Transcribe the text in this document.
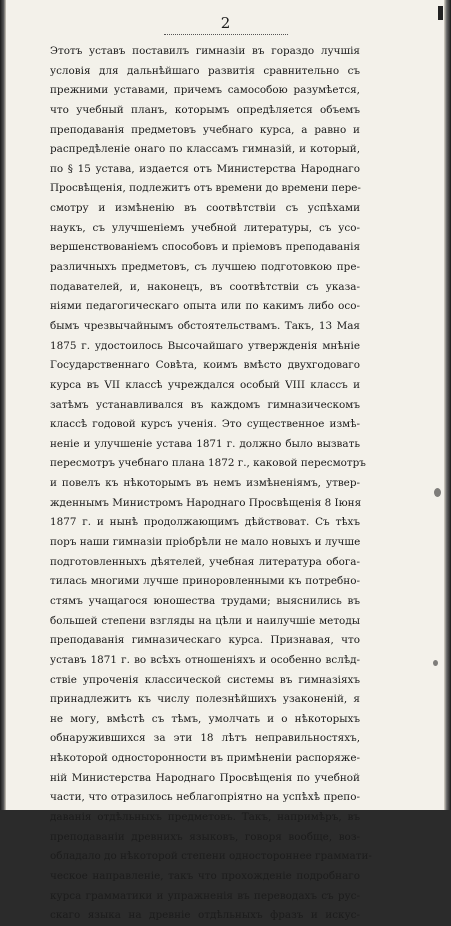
2
Этотъ уставъ поставилъ гимназіи въ гораздо лучшія
условія для дальнѣйшаго развитія сравнительно съ
прежними уставами, причемъ самособою разумѣется,
что учебный планъ, которымъ опредѣляется объемъ
преподаванія предметовъ учебнаго курса, а равно и
распредѣленіе онаго по классамъ гимназій, и который,
по § 15 устава, издается отъ Министерства Народнаго
Просвѣщенія, подлежитъ отъ времени до времени пере-
смотру и измѣненію въ соотвѣтствіи съ успѣхами
наукъ, съ улучшеніемъ учебной литературы, съ усо-
вершенствованіемъ способовъ и пріемовъ преподаванія
различныхъ предметовъ, съ лучшею подготовкою пре-
подавателей, и, наконецъ, въ соотвѣтствіи съ указа-
ніями педагогическаго опыта или по какимъ либо осо-
бымъ чрезвычайнымъ обстоятельствамъ. Такъ, 13 Мая
1875 г. удостоилось Высочайшаго утвержденія мнѣніе
Государственнаго Совѣта, коимъ вмѣсто двухгодоваго
курса въ VII классѣ учреждался особый VIII классъ и
затѣмъ устанавливался въ каждомъ гимназическомъ
классѣ годовой курсъ ученія. Это существенное измѣ-
неніе и улучшеніе устава 1871 г. должно было вызвать
пересмотръ учебнаго плана 1872 г., каковой пересмотръ
и повелъ къ нѣкоторымъ въ немъ измѣненіямъ, утвер-
жденнымъ Министромъ Народнаго Просвѣщенія 8 Іюня
1877 г. и нынѣ продолжающимъ дѣйствоват. Съ тѣхъ
поръ наши гимназіи пріобрѣли не мало новыхъ и лучше
подготовленныхъ дѣятелей, учебная литература обога-
тилась многими лучше приноровленными къ потребно-
стямъ учащагося юношества трудами; выяснились въ
большей степени взгляды на цѣли и наилучшіе методы
преподаванія гимназическаго курса. Признавая, что
уставъ 1871 г. во всѣхъ отношеніяхъ и особенно вслѣд-
ствіе упроченія классической системы въ гимназіяхъ
принадлежитъ къ числу полезнѣйшихъ узаконеній, я
не могу, вмѣстѣ съ тѣмъ, умолчать и о нѣкоторыхъ
обнаружившихся за эти 18 лѣтъ неправильностяхъ,
нѣкоторой односторонности въ примѣненіи распоряже-
ній Министерства Народнаго Просвѣщенія по учебной
части, что отразилось неблагопріятно на успѣхѣ препо-
даванія отдѣльныхъ предметовъ. Такъ, напримѣръ, въ
преподаваніи древнихъ языковъ, говоря вообще, воз-
обладало до нѣкоторой степени одностороннее граммати-
ческое направленіе, такъ что прохожденіе подробнаго
курса грамматики и упражненія въ переводахъ съ рус-
скаго языка на древніе отдѣльныхъ фразъ и искус-
